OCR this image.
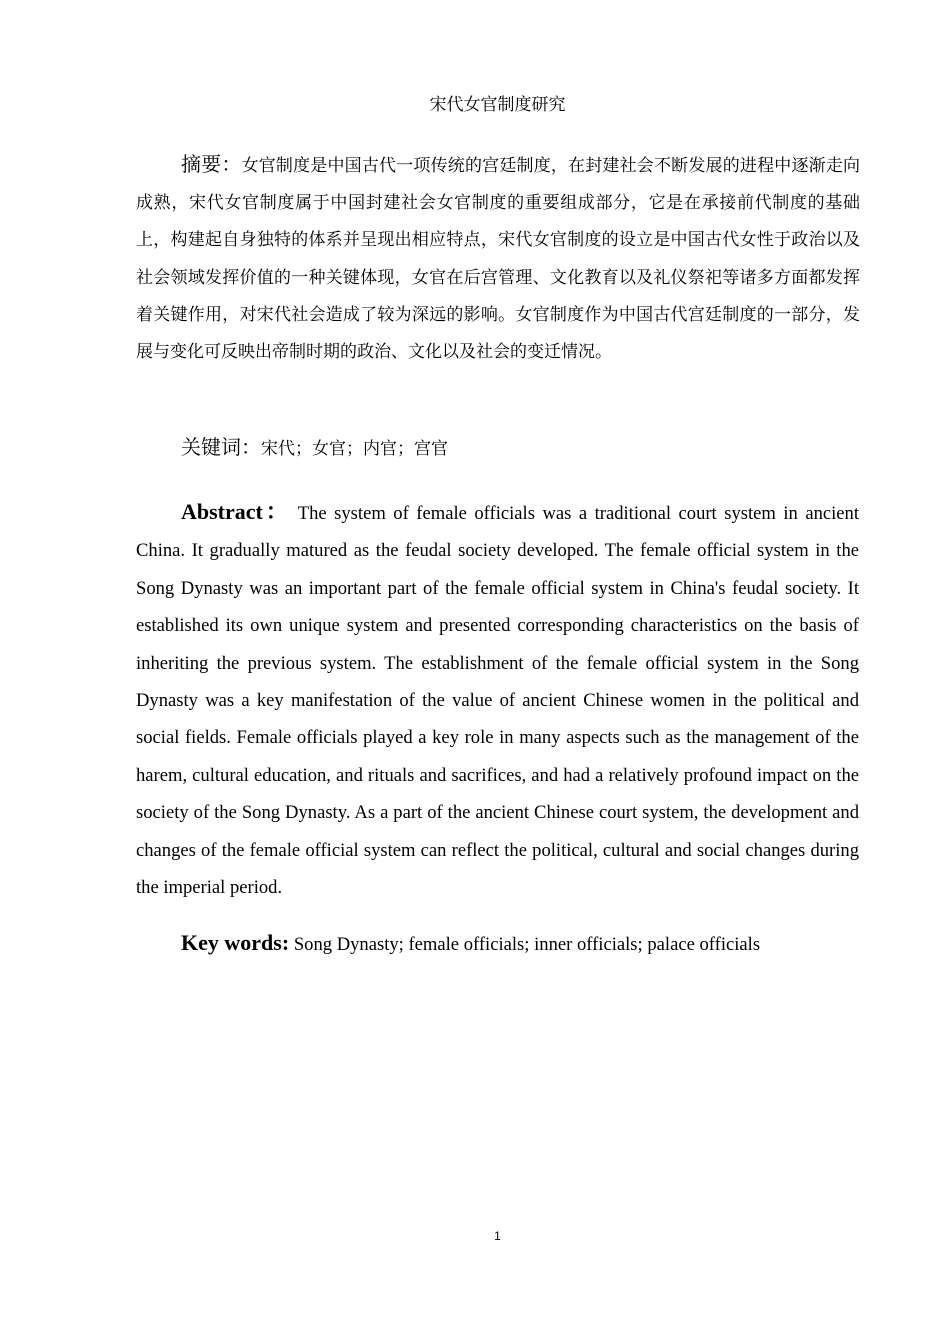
宋代女官制度研究

摘要：女官制度是中国古代一项传统的宫廷制度，在封建社会不断发展的进程中逐渐走向成熟，宋代女官制度属于中国封建社会女官制度的重要组成部分，它是在承接前代制度的基础上，构建起自身独特的体系并呈现出相应特点，宋代女官制度的设立是中国古代女性于政治以及社会领域发挥价值的一种关键体现，女官在后宫管理、文化教育以及礼仪祭祀等诸多方面都发挥着关键作用，对宋代社会造成了较为深远的影响。女官制度作为中国古代宫廷制度的一部分，发展与变化可反映出帝制时期的政治、文化以及社会的变迁情况。

关键词：宋代；女官；内官；宫官

Abstract： The system of female officials was a traditional court system in ancient China. It gradually matured as the feudal society developed. The female official system in the Song Dynasty was an important part of the female official system in China's feudal society. It established its own unique system and presented corresponding characteristics on the basis of inheriting the previous system. The establishment of the female official system in the Song Dynasty was a key manifestation of the value of ancient Chinese women in the political and social fields. Female officials played a key role in many aspects such as the management of the harem, cultural education, and rituals and sacrifices, and had a relatively profound impact on the society of the Song Dynasty. As a part of the ancient Chinese court system, the development and changes of the female official system can reflect the political, cultural and social changes during the imperial period.

Key words: Song Dynasty; female officials; inner officials; palace officials

1
